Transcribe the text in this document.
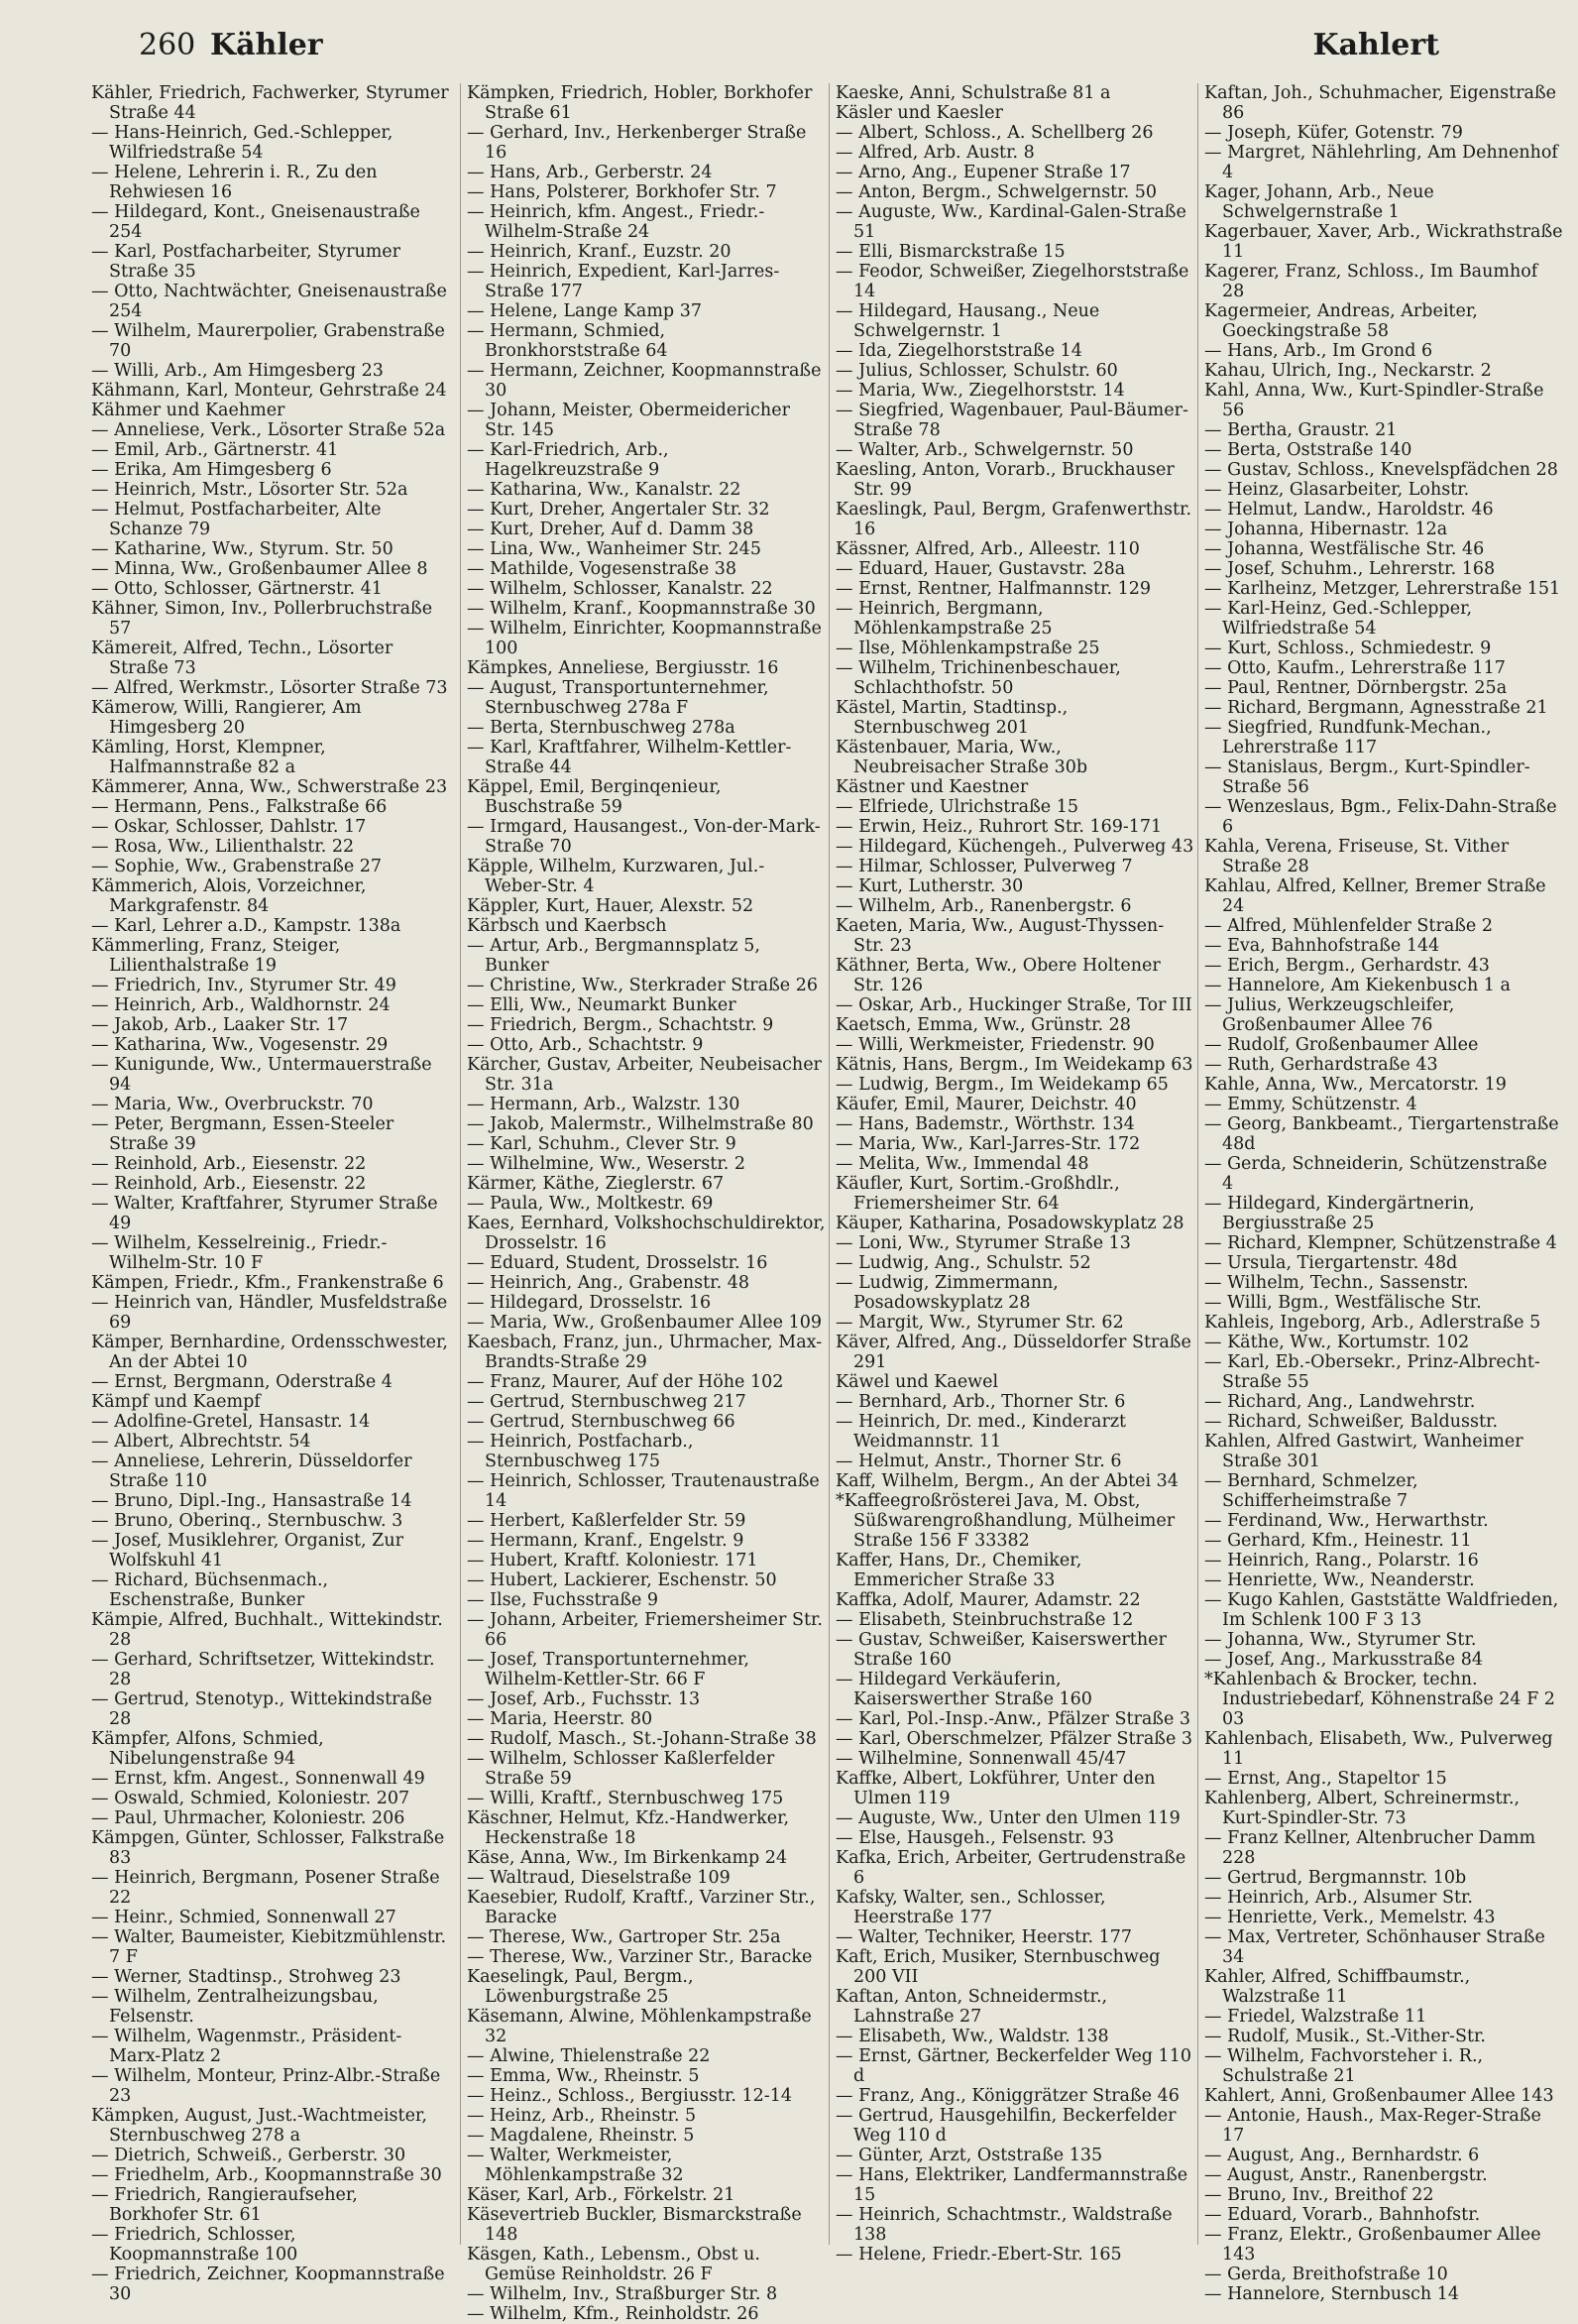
260 Kähler	Kahlert

Kähler, Friedrich, Fachwerker, Styrumer Straße 44

— Hans-Heinrich, Ged.-Schlepper, Wilfriedstraße 54

— Helene, Lehrerin i. R., Zu den Rehwiesen 16

— Hildegard, Kont., Gneisenaustraße 254

— Karl, Postfacharbeiter, Styrumer Straße 35

— Otto, Nachtwächter, Gneisenaustraße 254

— Wilhelm, Maurerpolier, Grabenstraße 70

— Willi, Arb., Am Himgesberg 23

Kähmann, Karl, Monteur, Gehrstraße 24

Kähmer und Kaehmer

— Anneliese, Verk., Lösorter Straße 52a

— Emil, Arb., Gärtnerstr. 41

— Erika, Am Himgesberg 6

— Heinrich, Mstr., Lösorter Str. 52a

— Helmut, Postfacharbeiter, Alte Schanze 79

— Katharine, Ww., Styrum. Str. 50

— Minna, Ww., Großenbaumer Allee 8

— Otto, Schlosser, Gärtnerstr. 41

Kähner, Simon, Inv., Pollerbruchstraße 57

Kämereit, Alfred, Techn., Lösorter Straße 73

— Alfred, Werkmstr., Lösorter Straße 73

Kämerow, Willi, Rangierer, Am Himgesberg 20

Kämling, Horst, Klempner, Halfmannstraße 82 a

Kämmerer, Anna, Ww., Schwerstraße 23

— Hermann, Pens., Falkstraße 66

— Oskar, Schlosser, Dahlstr. 17

— Rosa, Ww., Lilienthalstr. 22

— Sophie, Ww., Grabenstraße 27

Kämmerich, Alois, Vorzeichner, Markgrafenstr. 84

— Karl, Lehrer a.D., Kampstr. 138a

Kämmerling, Franz, Steiger, Lilienthalstraße 19

— Friedrich, Inv., Styrumer Str. 49

— Heinrich, Arb., Waldhornstr. 24

— Jakob, Arb., Laaker Str. 17

— Katharina, Ww., Vogesenstr. 29

— Kunigunde, Ww., Untermauerstraße 94

— Maria, Ww., Overbruckstr. 70

— Peter, Bergmann, Essen-Steeler Straße 39

— Reinhold, Arb., Eiesenstr. 22

— Reinhold, Arb., Eiesenstr. 22

— Walter, Kraftfahrer, Styrumer Straße 49

— Wilhelm, Kesselreinig., Friedr.-Wilhelm-Str. 10 F

Kämpen, Friedr., Kfm., Frankenstraße 6

— Heinrich van, Händler, Musfeldstraße 69

Kämper, Bernhardine, Ordensschwester, An der Abtei 10

— Ernst, Bergmann, Oderstraße 4

Kämpf und Kaempf

— Adolfine-Gretel, Hansastr. 14

— Albert, Albrechtstr. 54

— Anneliese, Lehrerin, Düsseldorfer Straße 110

— Bruno, Dipl.-Ing., Hansastraße 14

— Bruno, Oberinq., Sternbuschw. 3

— Josef, Musiklehrer, Organist, Zur Wolfskuhl 41

— Richard, Büchsenmach., Eschenstraße, Bunker

Kämpie, Alfred, Buchhalt., Wittekindstr. 28

— Gerhard, Schriftsetzer, Wittekindstr. 28

— Gertrud, Stenotyp., Wittekindstraße 28

Kämpfer, Alfons, Schmied, Nibelungenstraße 94

— Ernst, kfm. Angest., Sonnenwall 49

— Oswald, Schmied, Koloniestr. 207

— Paul, Uhrmacher, Koloniestr. 206

Kämpgen, Günter, Schlosser, Falkstraße 83

— Heinrich, Bergmann, Posener Straße 22

— Heinr., Schmied, Sonnenwall 27

— Walter, Baumeister, Kiebitzmühlenstr. 7 F

— Werner, Stadtinsp., Strohweg 23

— Wilhelm, Zentralheizungsbau, Felsenstr.

— Wilhelm, Wagenmstr., Präsident-Marx-Platz 2

— Wilhelm, Monteur, Prinz-Albr.-Straße 23

Kämpken, August, Just.-Wachtmeister, Sternbuschweg 278 a

— Dietrich, Schweiß., Gerberstr. 30

— Friedhelm, Arb., Koopmannstraße 30

— Friedrich, Rangieraufseher, Borkhofer Str. 61

— Friedrich, Schlosser, Koopmannstraße 100

— Friedrich, Zeichner, Koopmannstraße 30

Kämpken, Friedrich, Hobler, Borkhofer Straße 61

— Gerhard, Inv., Herkenberger Straße 16

— Hans, Arb., Gerberstr. 24

— Hans, Polsterer, Borkhofer Str. 7

— Heinrich, kfm. Angest., Friedr.-Wilhelm-Straße 24

— Heinrich, Kranf., Euzstr. 20

— Heinrich, Expedient, Karl-Jarres-Straße 177

— Helene, Lange Kamp 37

— Hermann, Schmied, Bronkhorststraße 64

— Hermann, Zeichner, Koopmannstraße 30

— Johann, Meister, Obermeidericher Str. 145

— Karl-Friedrich, Arb., Hagelkreuzstraße 9

— Katharina, Ww., Kanalstr. 22

— Kurt, Dreher, Angertaler Str. 32

— Kurt, Dreher, Auf d. Damm 38

— Lina, Ww., Wanheimer Str. 245

— Mathilde, Vogesenstraße 38

— Wilhelm, Schlosser, Kanalstr. 22

— Wilhelm, Kranf., Koopmannstraße 30

— Wilhelm, Einrichter, Koopmannstraße 100

Kämpkes, Anneliese, Bergiusstr. 16

— August, Transportunternehmer, Sternbuschweg 278a F

— Berta, Sternbuschweg 278a

— Karl, Kraftfahrer, Wilhelm-Kettler-Straße 44

Käppel, Emil, Berginqenieur, Buschstraße 59

— Irmgard, Hausangest., Von-der-Mark-Straße 70

Käpple, Wilhelm, Kurzwaren, Jul.-Weber-Str. 4

Käppler, Kurt, Hauer, Alexstr. 52

Kärbsch und Kaerbsch

— Artur, Arb., Bergmannsplatz 5, Bunker

— Christine, Ww., Sterkrader Straße 26

— Elli, Ww., Neumarkt Bunker

— Friedrich, Bergm., Schachtstr. 9

— Otto, Arb., Schachtstr. 9

Kärcher, Gustav, Arbeiter, Neubeisacher Str. 31a

— Hermann, Arb., Walzstr. 130

— Jakob, Malermstr., Wilhelmstraße 80

— Karl, Schuhm., Clever Str. 9

— Wilhelmine, Ww., Weserstr. 2

Kärmer, Käthe, Zieglerstr. 67

— Paula, Ww., Moltkestr. 69

Kaes, Eernhard, Volkshochschuldirektor, Drosselstr. 16

— Eduard, Student, Drosselstr. 16

— Heinrich, Ang., Grabenstr. 48

— Hildegard, Drosselstr. 16

— Maria, Ww., Großenbaumer Allee 109

Kaesbach, Franz, jun., Uhrmacher, Max-Brandts-Straße 29

— Franz, Maurer, Auf der Höhe 102

— Gertrud, Sternbuschweg 217

— Gertrud, Sternbuschweg 66

— Heinrich, Postfacharb., Sternbuschweg 175

— Heinrich, Schlosser, Trautenaustraße 14

— Herbert, Kaßlerfelder Str. 59

— Hermann, Kranf., Engelstr. 9

— Hubert, Kraftf. Koloniestr. 171

— Hubert, Lackierer, Eschenstr. 50

— Ilse, Fuchsstraße 9

— Johann, Arbeiter, Friemersheimer Str. 66

— Josef, Transportunternehmer, Wilhelm-Kettler-Str. 66 F

— Josef, Arb., Fuchsstr. 13

— Maria, Heerstr. 80

— Rudolf, Masch., St.-Johann-Straße 38

— Wilhelm, Schlosser Kaßlerfelder Straße 59

— Willi, Kraftf., Sternbuschweg 175

Käschner, Helmut, Kfz.-Handwerker, Heckenstraße 18

Käse, Anna, Ww., Im Birkenkamp 24

— Waltraud, Dieselstraße 109

Kaesebier, Rudolf, Kraftf., Varziner Str., Baracke

— Therese, Ww., Gartroper Str. 25a

— Therese, Ww., Varziner Str., Baracke

Kaeselingk, Paul, Bergm., Löwenburgstraße 25

Käsemann, Alwine, Möhlenkampstraße 32

— Alwine, Thielenstraße 22

— Emma, Ww., Rheinstr. 5

— Heinz., Schloss., Bergiusstr. 12-14

— Heinz, Arb., Rheinstr. 5

— Magdalene, Rheinstr. 5

— Walter, Werkmeister, Möhlenkampstraße 32

Käser, Karl, Arb., Förkelstr. 21

Käsevertrieb Buckler, Bismarckstraße 148

Käsgen, Kath., Lebensm., Obst u. Gemüse Reinholdstr. 26 F

— Wilhelm, Inv., Straßburger Str. 8

— Wilhelm, Kfm., Reinholdstr. 26

Kaeske, Anni, Schulstraße 81 a

Käsler und Kaesler

— Albert, Schloss., A. Schellberg 26

— Alfred, Arb. Austr. 8

— Arno, Ang., Eupener Straße 17

— Anton, Bergm., Schwelgernstr. 50

— Auguste, Ww., Kardinal-Galen-Straße 51

— Elli, Bismarckstraße 15

— Feodor, Schweißer, Ziegelhorststraße 14

— Hildegard, Hausang., Neue Schwelgernstr. 1

— Ida, Ziegelhorststraße 14

— Julius, Schlosser, Schulstr. 60

— Maria, Ww., Ziegelhorststr. 14

— Siegfried, Wagenbauer, Paul-Bäumer-Straße 78

— Walter, Arb., Schwelgernstr. 50

Kaesling, Anton, Vorarb., Bruckhauser Str. 99

Kaeslingk, Paul, Bergm, Grafenwerthstr. 16

Kässner, Alfred, Arb., Alleestr. 110

— Eduard, Hauer, Gustavstr. 28a

— Ernst, Rentner, Halfmannstr. 129

— Heinrich, Bergmann, Möhlenkampstraße 25

— Ilse, Möhlenkampstraße 25

— Wilhelm, Trichinenbeschauer, Schlachthofstr. 50

Kästel, Martin, Stadtinsp., Sternbuschweg 201

Kästenbauer, Maria, Ww., Neubreisacher Straße 30b

Kästner und Kaestner

— Elfriede, Ulrichstraße 15

— Erwin, Heiz., Ruhrort Str. 169-171

— Hildegard, Küchengeh., Pulverweg 43

— Hilmar, Schlosser, Pulverweg 7

— Kurt, Lutherstr. 30

— Wilhelm, Arb., Ranenbergstr. 6

Kaeten, Maria, Ww., August-Thyssen-Str. 23

Käthner, Berta, Ww., Obere Holtener Str. 126

— Oskar, Arb., Huckinger Straße, Tor III

Kaetsch, Emma, Ww., Grünstr. 28

— Willi, Werkmeister, Friedenstr. 90

Kätnis, Hans, Bergm., Im Weidekamp 63

— Ludwig, Bergm., Im Weidekamp 65

Käufer, Emil, Maurer, Deichstr. 40

— Hans, Bademstr., Wörthstr. 134

— Maria, Ww., Karl-Jarres-Str. 172

— Melita, Ww., Immendal 48

Käufler, Kurt, Sortim.-Großhdlr., Friemersheimer Str. 64

Käuper, Katharina, Posadowskyplatz 28

— Loni, Ww., Styrumer Straße 13

— Ludwig, Ang., Schulstr. 52

— Ludwig, Zimmermann, Posadowskyplatz 28

— Margit, Ww., Styrumer Str. 62

Käver, Alfred, Ang., Düsseldorfer Straße 291

Käwel und Kaewel

— Bernhard, Arb., Thorner Str. 6

— Heinrich, Dr. med., Kinderarzt Weidmannstr. 11

— Helmut, Anstr., Thorner Str. 6

Kaff, Wilhelm, Bergm., An der Abtei 34

*Kaffeegroßrösterei Java, M. Obst, Süßwarengroßhandlung, Mülheimer Straße 156 F 33382

Kaffer, Hans, Dr., Chemiker, Emmericher Straße 33

Kaffka, Adolf, Maurer, Adamstr. 22

— Elisabeth, Steinbruchstraße 12

— Gustav, Schweißer, Kaiserswerther Straße 160

— Hildegard Verkäuferin, Kaiserswerther Straße 160

— Karl, Pol.-Insp.-Anw., Pfälzer Straße 3

— Karl, Oberschmelzer, Pfälzer Straße 3

— Wilhelmine, Sonnenwall 45/47

Kaffke, Albert, Lokführer, Unter den Ulmen 119

— Auguste, Ww., Unter den Ulmen 119

— Else, Hausgeh., Felsenstr. 93

Kafka, Erich, Arbeiter, Gertrudenstraße 6

Kafsky, Walter, sen., Schlosser, Heerstraße 177

— Walter, Techniker, Heerstr. 177

Kaft, Erich, Musiker, Sternbuschweg 200 VII

Kaftan, Anton, Schneidermstr., Lahnstraße 27

— Elisabeth, Ww., Waldstr. 138

— Ernst, Gärtner, Beckerfelder Weg 110 d

— Franz, Ang., Königgrätzer Straße 46

— Gertrud, Hausgehilfin, Beckerfelder Weg 110 d

— Günter, Arzt, Oststraße 135

— Hans, Elektriker, Landfermannstraße 15

— Heinrich, Schachtmstr., Waldstraße 138

— Helene, Friedr.-Ebert-Str. 165

Kaftan, Joh., Schuhmacher, Eigenstraße 86

— Joseph, Küfer, Gotenstr. 79

— Margret, Nählehrling, Am Dehnenhof 4

Kager, Johann, Arb., Neue Schwelgernstraße 1

Kagerbauer, Xaver, Arb., Wickrathstraße 11

Kagerer, Franz, Schloss., Im Baumhof 28

Kagermeier, Andreas, Arbeiter, Goeckingstraße 58

— Hans, Arb., Im Grond 6

Kahau, Ulrich, Ing., Neckarstr. 2

Kahl, Anna, Ww., Kurt-Spindler-Straße 56

— Bertha, Graustr. 21

— Berta, Oststraße 140

— Gustav, Schloss., Knevelspfädchen 28

— Heinz, Glasarbeiter, Lohstr.

— Helmut, Landw., Haroldstr. 46

— Johanna, Hibernastr. 12a

— Johanna, Westfälische Str. 46

— Josef, Schuhm., Lehrerstr. 168

— Karlheinz, Metzger, Lehrerstraße 151

— Karl-Heinz, Ged.-Schlepper, Wilfriedstraße 54

— Kurt, Schloss., Schmiedestr. 9

— Otto, Kaufm., Lehrerstraße 117

— Paul, Rentner, Dörnbergstr. 25a

— Richard, Bergmann, Agnesstraße 21

— Siegfried, Rundfunk-Mechan., Lehrerstraße 117

— Stanislaus, Bergm., Kurt-Spindler-Straße 56

— Wenzeslaus, Bgm., Felix-Dahn-Straße 6

Kahla, Verena, Friseuse, St. Vither Straße 28

Kahlau, Alfred, Kellner, Bremer Straße 24

— Alfred, Mühlenfelder Straße 2

— Eva, Bahnhofstraße 144

— Erich, Bergm., Gerhardstr. 43

— Hannelore, Am Kiekenbusch 1 a

— Julius, Werkzeugschleifer, Großenbaumer Allee 76

— Rudolf, Großenbaumer Allee

— Ruth, Gerhardstraße 43

Kahle, Anna, Ww., Mercatorstr. 19

— Emmy, Schützenstr. 4

— Georg, Bankbeamt., Tiergartenstraße 48d

— Gerda, Schneiderin, Schützenstraße 4

— Hildegard, Kindergärtnerin, Bergiusstraße 25

— Richard, Klempner, Schützenstraße 4

— Ursula, Tiergartenstr. 48d

— Wilhelm, Techn., Sassenstr.

— Willi, Bgm., Westfälische Str.

Kahleis, Ingeborg, Arb., Adlerstraße 5

— Käthe, Ww., Kortumstr. 102

— Karl, Eb.-Obersekr., Prinz-Albrecht-Straße 55

— Richard, Ang., Landwehrstr.

— Richard, Schweißer, Baldusstr.

Kahlen, Alfred Gastwirt, Wanheimer Straße 301

— Bernhard, Schmelzer, Schifferheimstraße 7

— Ferdinand, Ww., Herwarthstr.

— Gerhard, Kfm., Heinestr. 11

— Heinrich, Rang., Polarstr. 16

— Henriette, Ww., Neanderstr.

— Kugo Kahlen, Gaststätte Waldfrieden, Im Schlenk 100 F 3 13

— Johanna, Ww., Styrumer Str.

— Josef, Ang., Markusstraße 84

*Kahlenbach & Brocker, techn. Industriebedarf, Köhnenstraße 24 F 2 03

Kahlenbach, Elisabeth, Ww., Pulverweg 11

— Ernst, Ang., Stapeltor 15

Kahlenberg, Albert, Schreinermstr., Kurt-Spindler-Str. 73

— Franz Kellner, Altenbrucher Damm 228

— Gertrud, Bergmannstr. 10b

— Heinrich, Arb., Alsumer Str.

— Henriette, Verk., Memelstr. 43

— Max, Vertreter, Schönhauser Straße 34

Kahler, Alfred, Schiffbaumstr., Walzstraße 11

— Friedel, Walzstraße 11

— Rudolf, Musik., St.-Vither-Str.

— Wilhelm, Fachvorsteher i. R., Schulstraße 21

Kahlert, Anni, Großenbaumer Allee 143

— Antonie, Haush., Max-Reger-Straße 17

— August, Ang., Bernhardstr. 6

— August, Anstr., Ranenbergstr.

— Bruno, Inv., Breithof 22

— Eduard, Vorarb., Bahnhofstr.

— Franz, Elektr., Großenbaumer Allee 143

— Gerda, Breithofstraße 10

— Hannelore, Sternbusch 14
